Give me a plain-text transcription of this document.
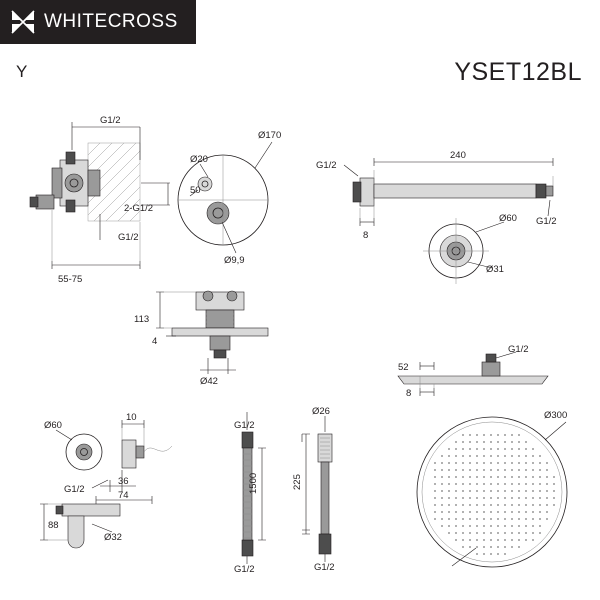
WHITECROSS
Y	YSET12BL
G1/2
2-G1/2
G1/2
55-75
Ø170
Ø20
50
Ø9,9
240
G1/2
G1/2
8
Ø60
Ø31
113
4
Ø42
G1/2
52
8
Ø300
Ø60
10
G1/2
36
74
88
Ø32
G1/2
1500
G1/2
Ø26
225
G1/2
